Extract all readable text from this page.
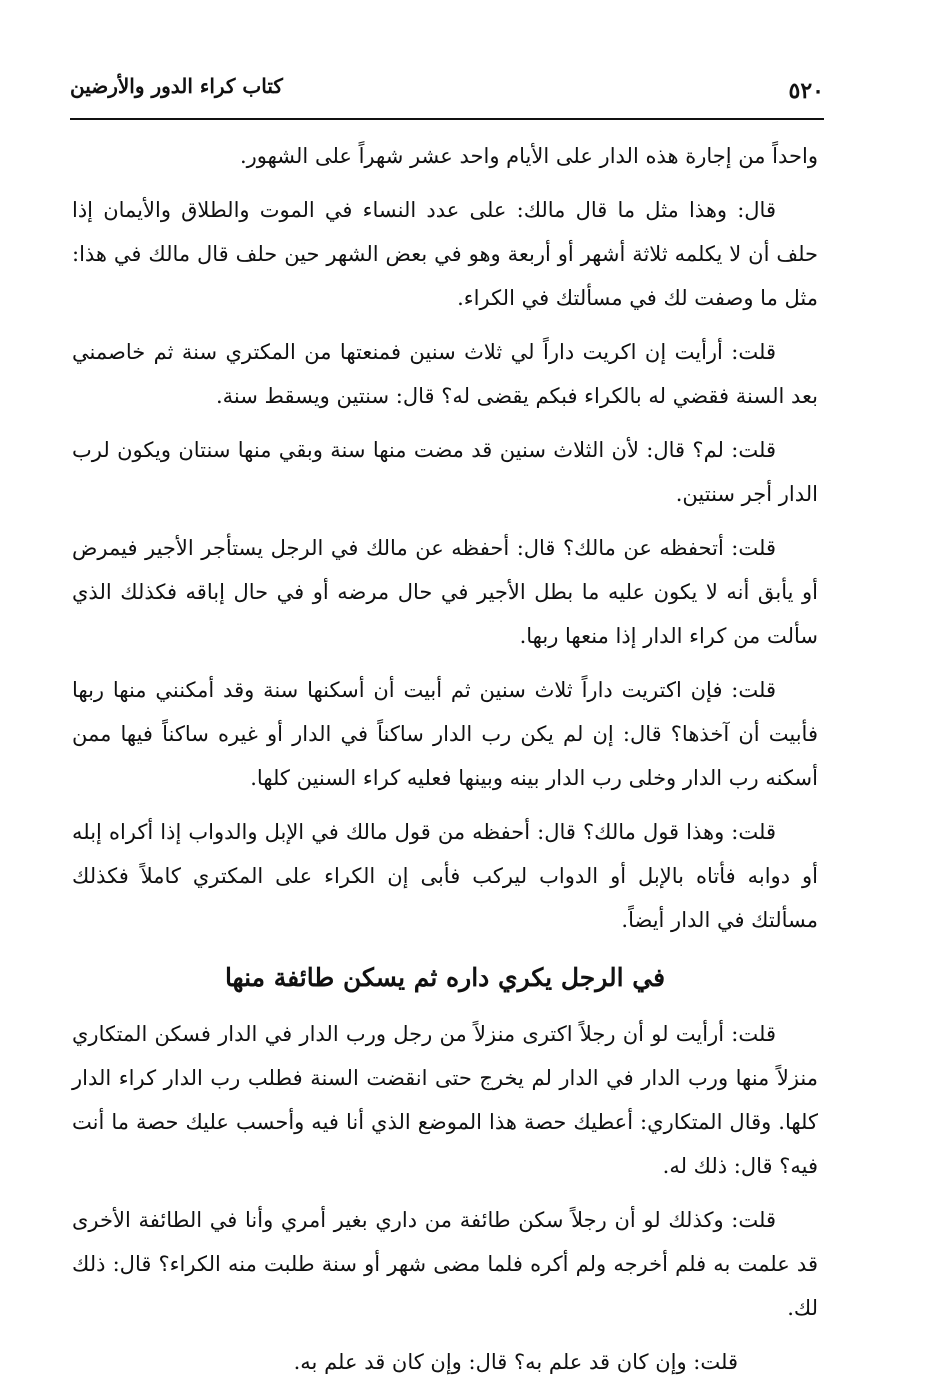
كتاب كراء الدور والأرضين	٥٢٠

واحداً من إجارة هذه الدار على الأيام واحد عشر شهراً على الشهور.

قال: وهذا مثل ما قال مالك: على عدد النساء في الموت والطلاق والأيمان إذا حلف أن لا يكلمه ثلاثة أشهر أو أربعة وهو في بعض الشهر حين حلف قال مالك في هذا: مثل ما وصفت لك في مسألتك في الكراء.

قلت: أرأيت إن اكريت داراً لي ثلاث سنين فمنعتها من المكتري سنة ثم خاصمني بعد السنة فقضي له بالكراء فبكم يقضى له؟ قال: سنتين ويسقط سنة.

قلت: لم؟ قال: لأن الثلاث سنين قد مضت منها سنة وبقي منها سنتان ويكون لرب الدار أجر سنتين.

قلت: أتحفظه عن مالك؟ قال: أحفظه عن مالك في الرجل يستأجر الأجير فيمرض أو يأبق أنه لا يكون عليه ما بطل الأجير في حال مرضه أو في حال إباقه فكذلك الذي سألت من كراء الدار إذا منعها ربها.

قلت: فإن اكتريت داراً ثلاث سنين ثم أبيت أن أسكنها سنة وقد أمكنني منها ربها فأبيت أن آخذها؟ قال: إن لم يكن رب الدار ساكناً في الدار أو غيره ساكناً فيها ممن أسكنه رب الدار وخلى رب الدار بينه وبينها فعليه كراء السنين كلها.

قلت: وهذا قول مالك؟ قال: أحفظه من قول مالك في الإبل والدواب إذا أكراه إبله أو دوابه فأتاه بالإبل أو الدواب ليركب فأبى إن الكراء على المكتري كاملاً فكذلك مسألتك في الدار أيضاً.

في الرجل يكري داره ثم يسكن طائفة منها

قلت: أرأيت لو أن رجلاً اكترى منزلاً من رجل ورب الدار في الدار فسكن المتكاري منزلاً منها ورب الدار في الدار لم يخرج حتى انقضت السنة فطلب رب الدار كراء الدار كلها. وقال المتكاري: أعطيك حصة هذا الموضع الذي أنا فيه وأحسب عليك حصة ما أنت فيه؟ قال: ذلك له.

قلت: وكذلك لو أن رجلاً سكن طائفة من داري بغير أمري وأنا في الطائفة الأخرى قد علمت به فلم أخرجه ولم أكره فلما مضى شهر أو سنة طلبت منه الكراء؟ قال: ذلك لك.

قلت: وإن كان قد علم به؟ قال: وإن كان قد علم به.
